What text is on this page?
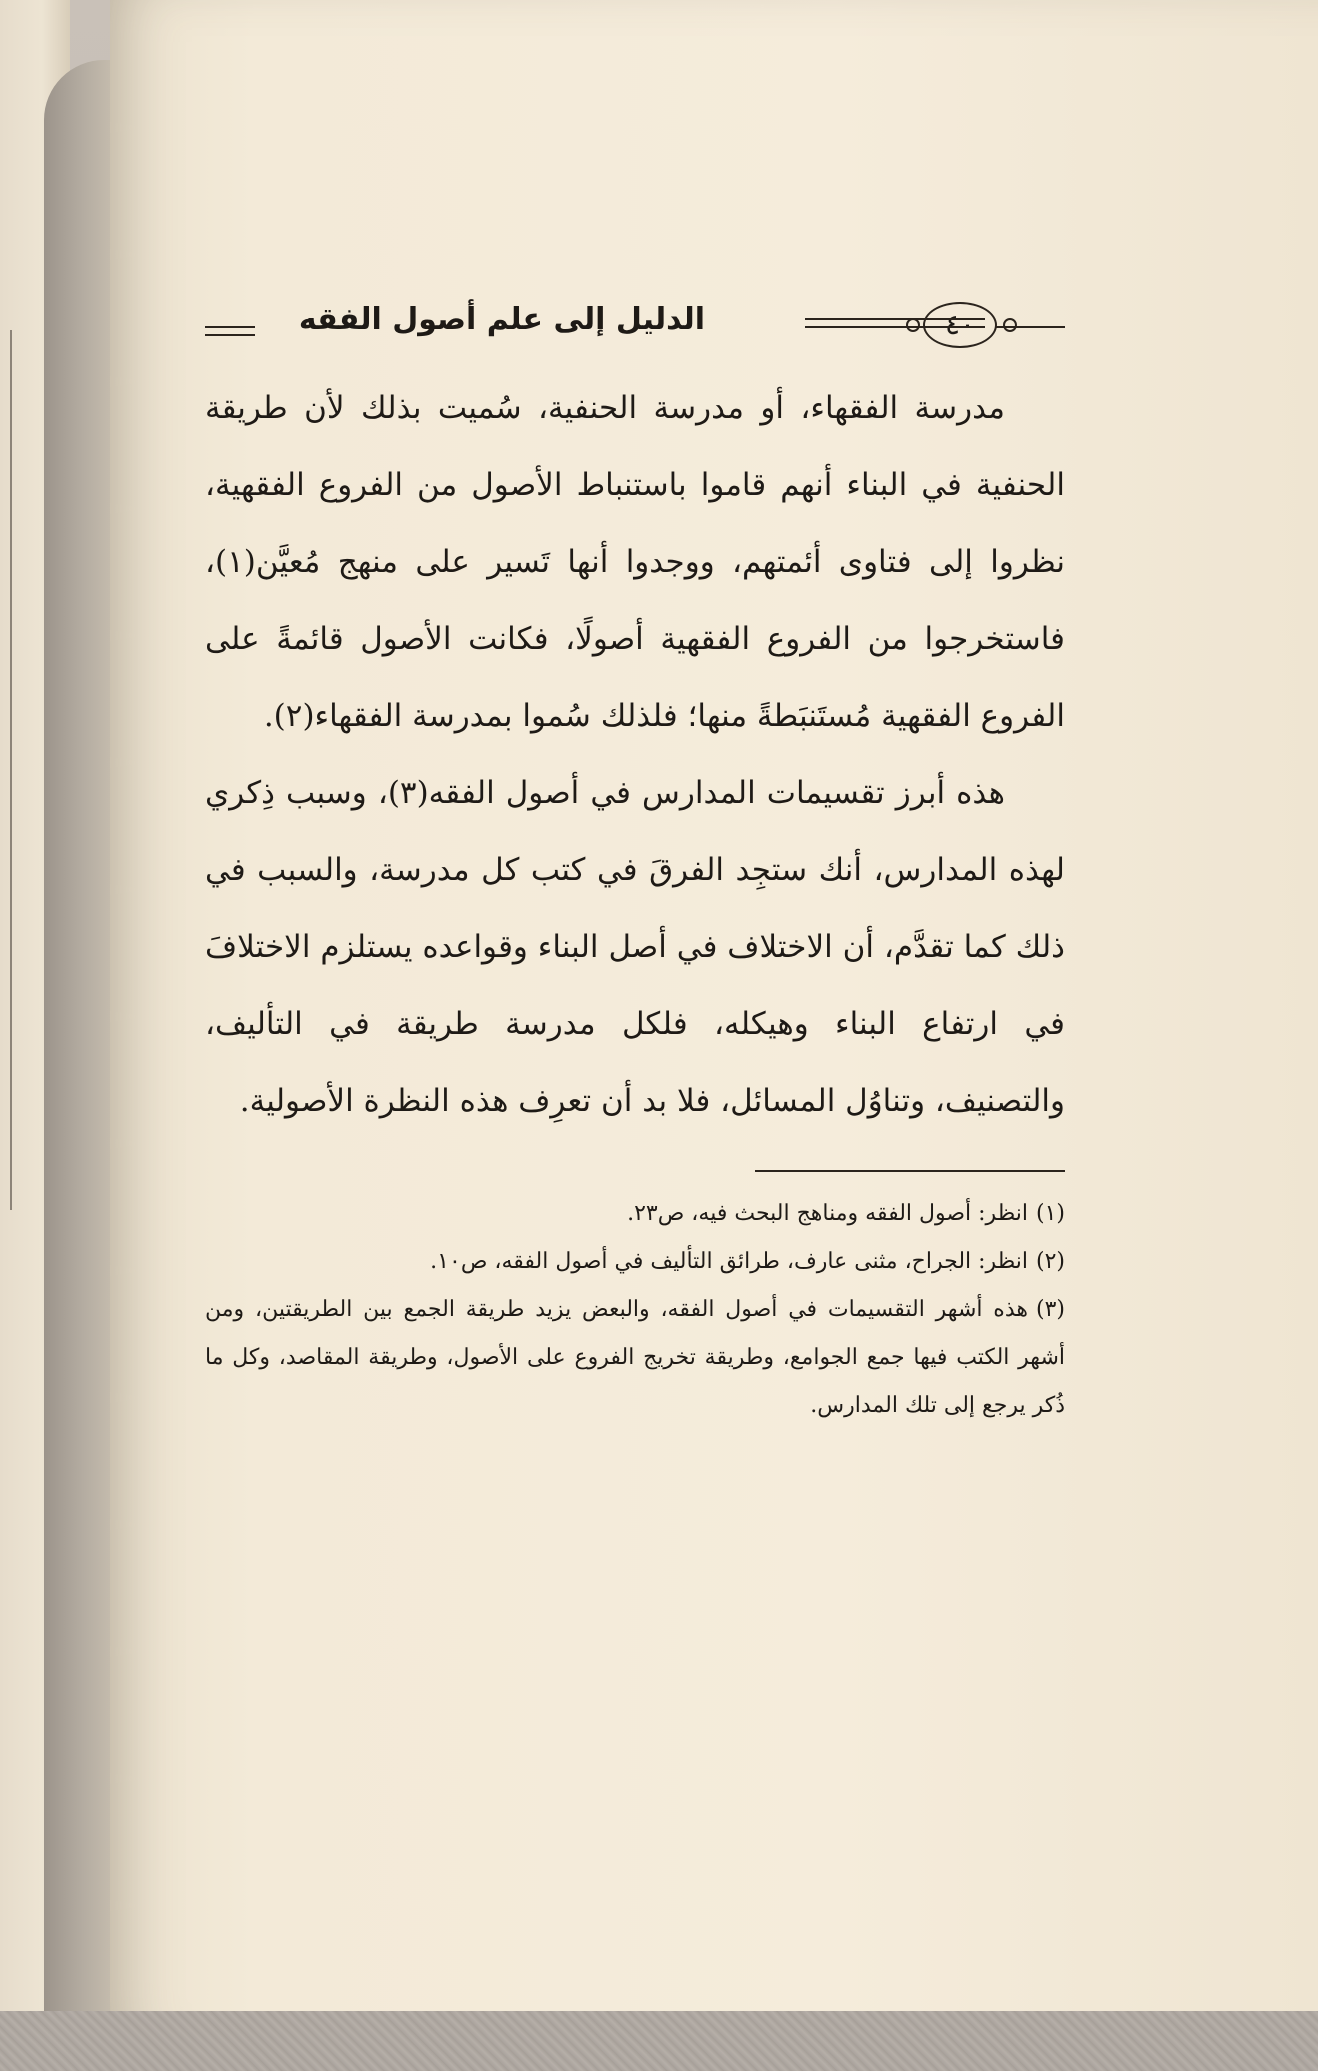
٤٠
الدليل إلى علم أصول الفقه

مدرسة الفقهاء، أو مدرسة الحنفية، سُميت بذلك لأن طريقة الحنفية في البناء أنهم قاموا باستنباط الأصول من الفروع الفقهية، نظروا إلى فتاوى أئمتهم، ووجدوا أنها تَسير على منهج مُعيَّن(١)، فاستخرجوا من الفروع الفقهية أصولًا، فكانت الأصول قائمةً على الفروع الفقهية مُستَنبَطةً منها؛ فلذلك سُموا بمدرسة الفقهاء(٢).

هذه أبرز تقسيمات المدارس في أصول الفقه(٣)، وسبب ذِكري لهذه المدارس، أنك ستجِد الفرقَ في كتب كل مدرسة، والسبب في ذلك كما تقدَّم، أن الاختلاف في أصل البناء وقواعده يستلزم الاختلافَ في ارتفاع البناء وهيكله، فلكل مدرسة طريقة في التأليف، والتصنيف، وتناوُل المسائل، فلا بد أن تعرِف هذه النظرة الأصولية.

(١)انظر: أصول الفقه ومناهج البحث فيه، ص٢٣.

(٢)انظر: الجراح، مثنى عارف، طرائق التأليف في أصول الفقه، ص١٠.

(٣)هذه أشهر التقسيمات في أصول الفقه، والبعض يزيد طريقة الجمع بين الطريقتين، ومن أشهر الكتب فيها جمع الجوامع، وطريقة تخريج الفروع على الأصول، وطريقة المقاصد، وكل ما ذُكر يرجع إلى تلك المدارس.
